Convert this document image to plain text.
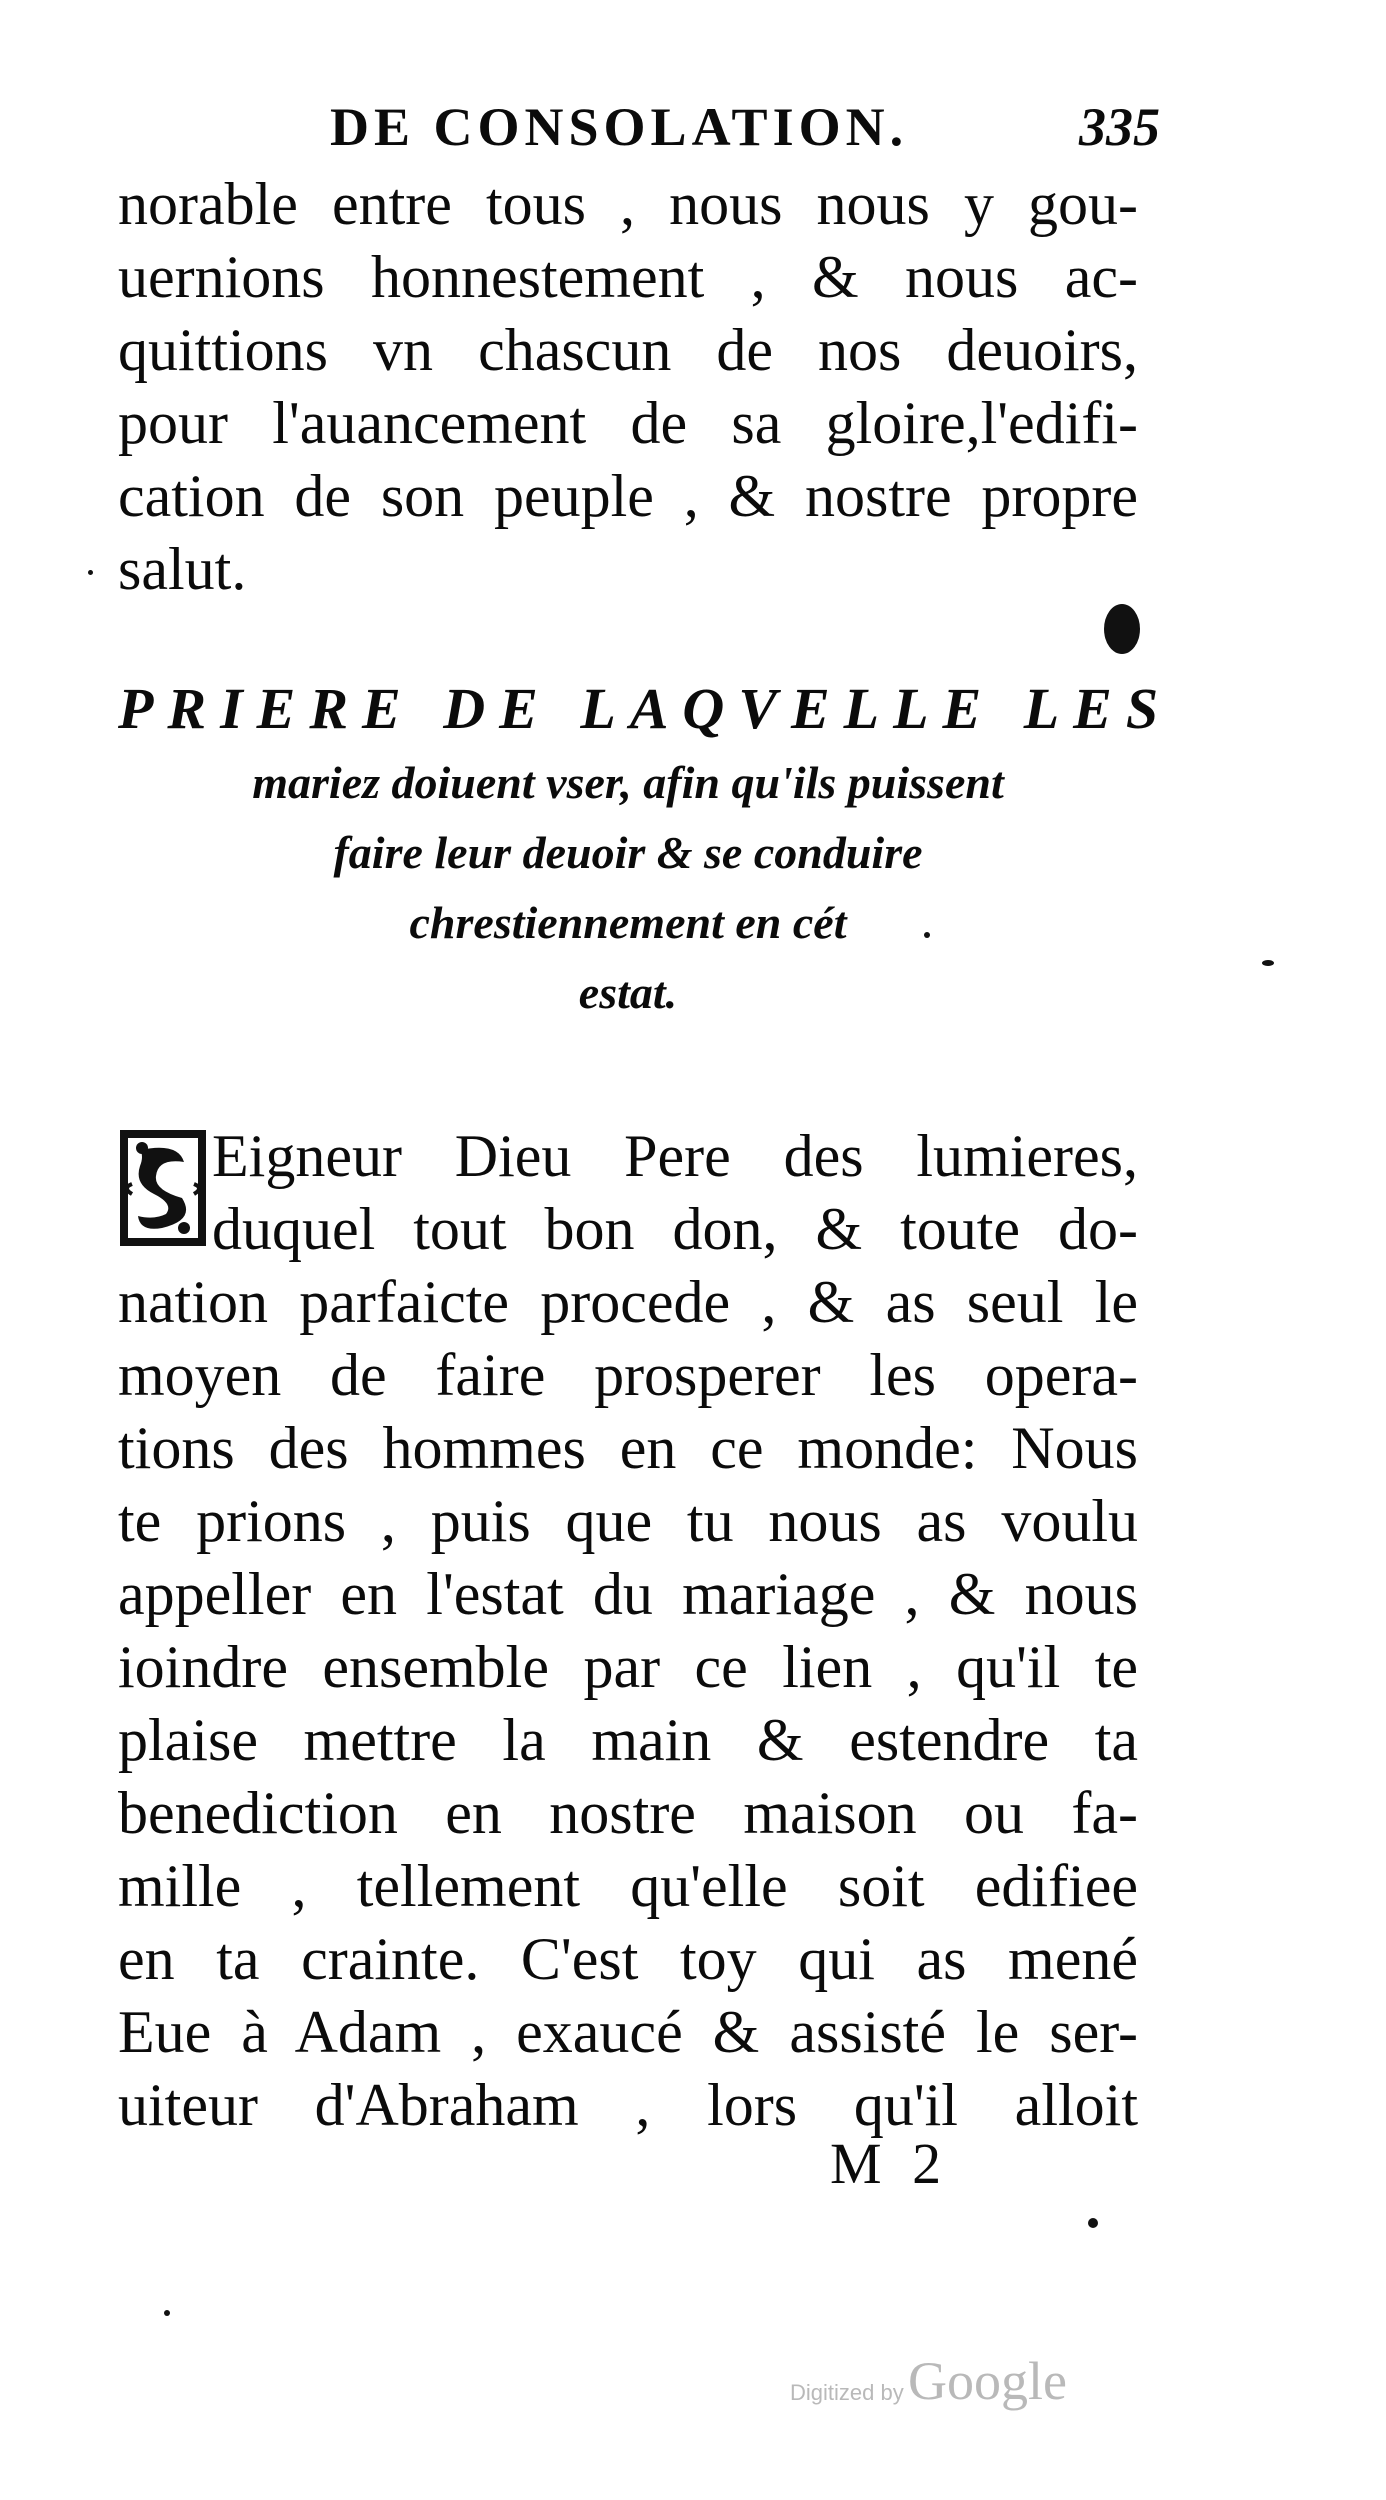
DE CONSOLATION.	335
norable entre tous , nous nous y gou-
uernions honnestement , & nous ac-
quittions vn chascun de nos deuoirs,
pour l'auancement de sa gloire,l'edifi-
cation de son peuple , & nostre propre
salut.
PRIERE DE LAQVELLE LES
mariez doiuent vser, afin qu'ils puissent
faire leur deuoir & se conduire
chrestiennement en cét
estat.
Eigneur Dieu Pere des lumieres,
duquel tout bon don, & toute do-
nation parfaicte procede , & as seul le
moyen de faire prosperer les opera-
tions des hommes en ce monde: Nous
te prions , puis que tu nous as voulu
appeller en l'estat du mariage , & nous
ioindre ensemble par ce lien , qu'il te
plaise mettre la main & estendre ta
benediction en nostre maison ou fa-
mille , tellement qu'elle soit edifiee
en ta crainte. C'est toy qui as mené
Eue à Adam , exaucé & assisté le ser-
uiteur d'Abraham , lors qu'il alloit
M 2
Digitized by Google
